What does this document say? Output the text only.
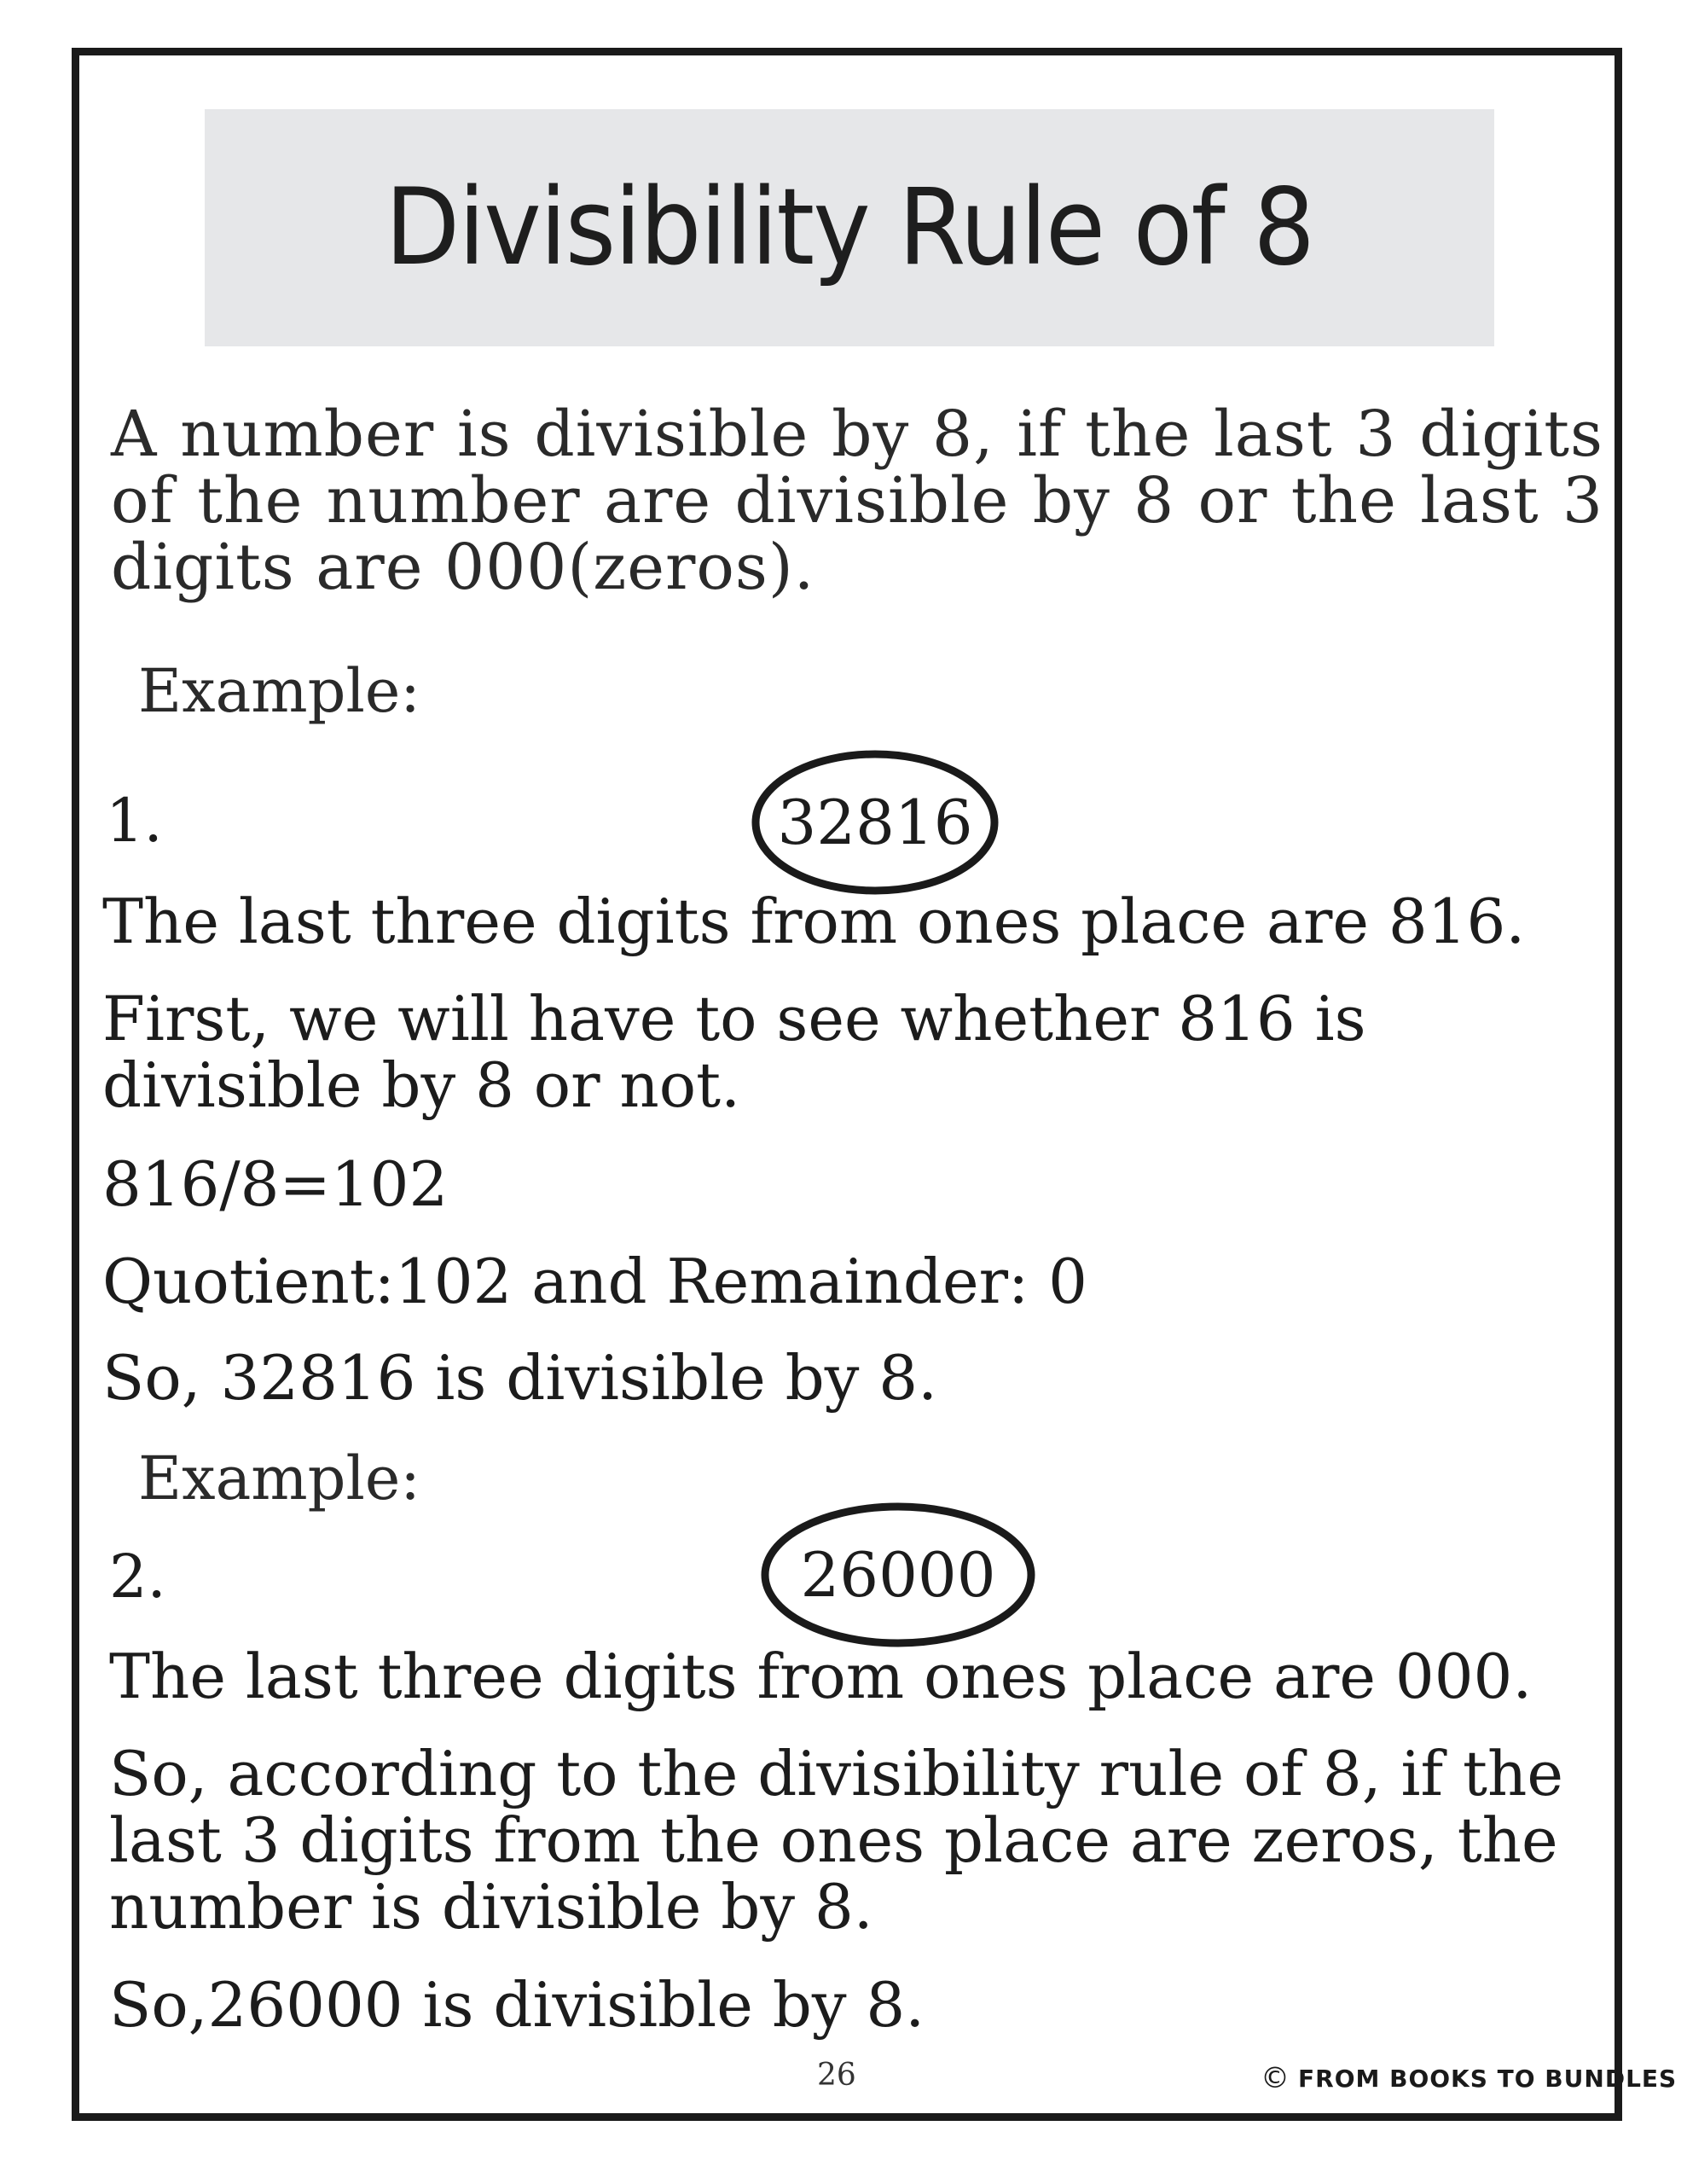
Divisibility Rule of 8

A number is divisible by 8, if the last 3 digits of the number are divisible by 8 or the last 3 digits are 000(zeros).

Example:
1.	32816
The last three digits from ones place are 816.
First, we will have to see whether 816 is divisible by 8 or not.
816/8=102
Quotient:102 and Remainder: 0
So, 32816 is divisible by 8.
Example:
2.	26000
The last three digits from ones place are 000.
So, according to the divisibility rule of 8, if the last 3 digits from the ones place are zeros, the number is divisible by 8.
So,26000 is divisible by 8.
26	© FROM BOOKS TO BUNDLES
